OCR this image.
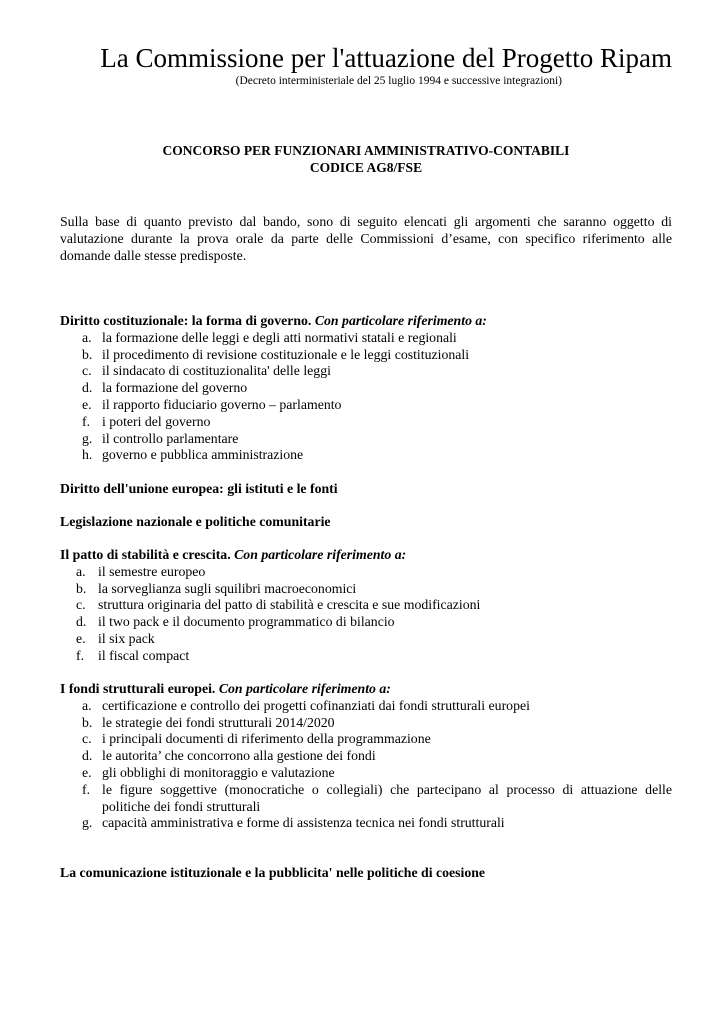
La Commissione per l'attuazione del Progetto Ripam
(Decreto interministeriale del 25 luglio 1994 e successive integrazioni)
CONCORSO PER FUNZIONARI AMMINISTRATIVO-CONTABILI
CODICE AG8/FSE
Sulla base di quanto previsto dal bando, sono di seguito elencati gli argomenti che saranno oggetto di
valutazione durante la prova orale da parte delle Commissioni d’esame, con specifico riferimento alle
domande dalle stesse predisposte.
Diritto costituzionale: la forma di governo. Con particolare riferimento a:
a. la formazione delle leggi e degli atti normativi statali e regionali
b. il procedimento di revisione costituzionale e le leggi costituzionali
c. il sindacato di costituzionalita' delle leggi
d. la formazione del governo
e. il rapporto fiduciario governo – parlamento
f. i poteri del governo
g. il controllo parlamentare
h. governo e pubblica amministrazione
Diritto dell'unione europea: gli istituti e le fonti
Legislazione nazionale e politiche comunitarie
Il patto di stabilità e crescita. Con particolare riferimento a:
a. il semestre europeo
b. la sorveglianza sugli squilibri macroeconomici
c. struttura originaria del patto di stabilità e crescita e sue modificazioni
d. il two pack e il documento programmatico di bilancio
e. il six pack
f. il fiscal compact
I fondi strutturali europei. Con particolare riferimento a:
a. certificazione e controllo dei progetti cofinanziati dai fondi strutturali europei
b. le strategie dei fondi strutturali 2014/2020
c. i principali documenti di riferimento della programmazione
d. le autorita’ che concorrono alla gestione dei fondi
e. gli obblighi di monitoraggio e valutazione
f. le figure soggettive (monocratiche o collegiali) che partecipano al processo di attuazione delle
politiche dei fondi strutturali
g. capacità amministrativa e forme di assistenza tecnica nei fondi strutturali
La comunicazione istituzionale e la pubblicita' nelle politiche di coesione
